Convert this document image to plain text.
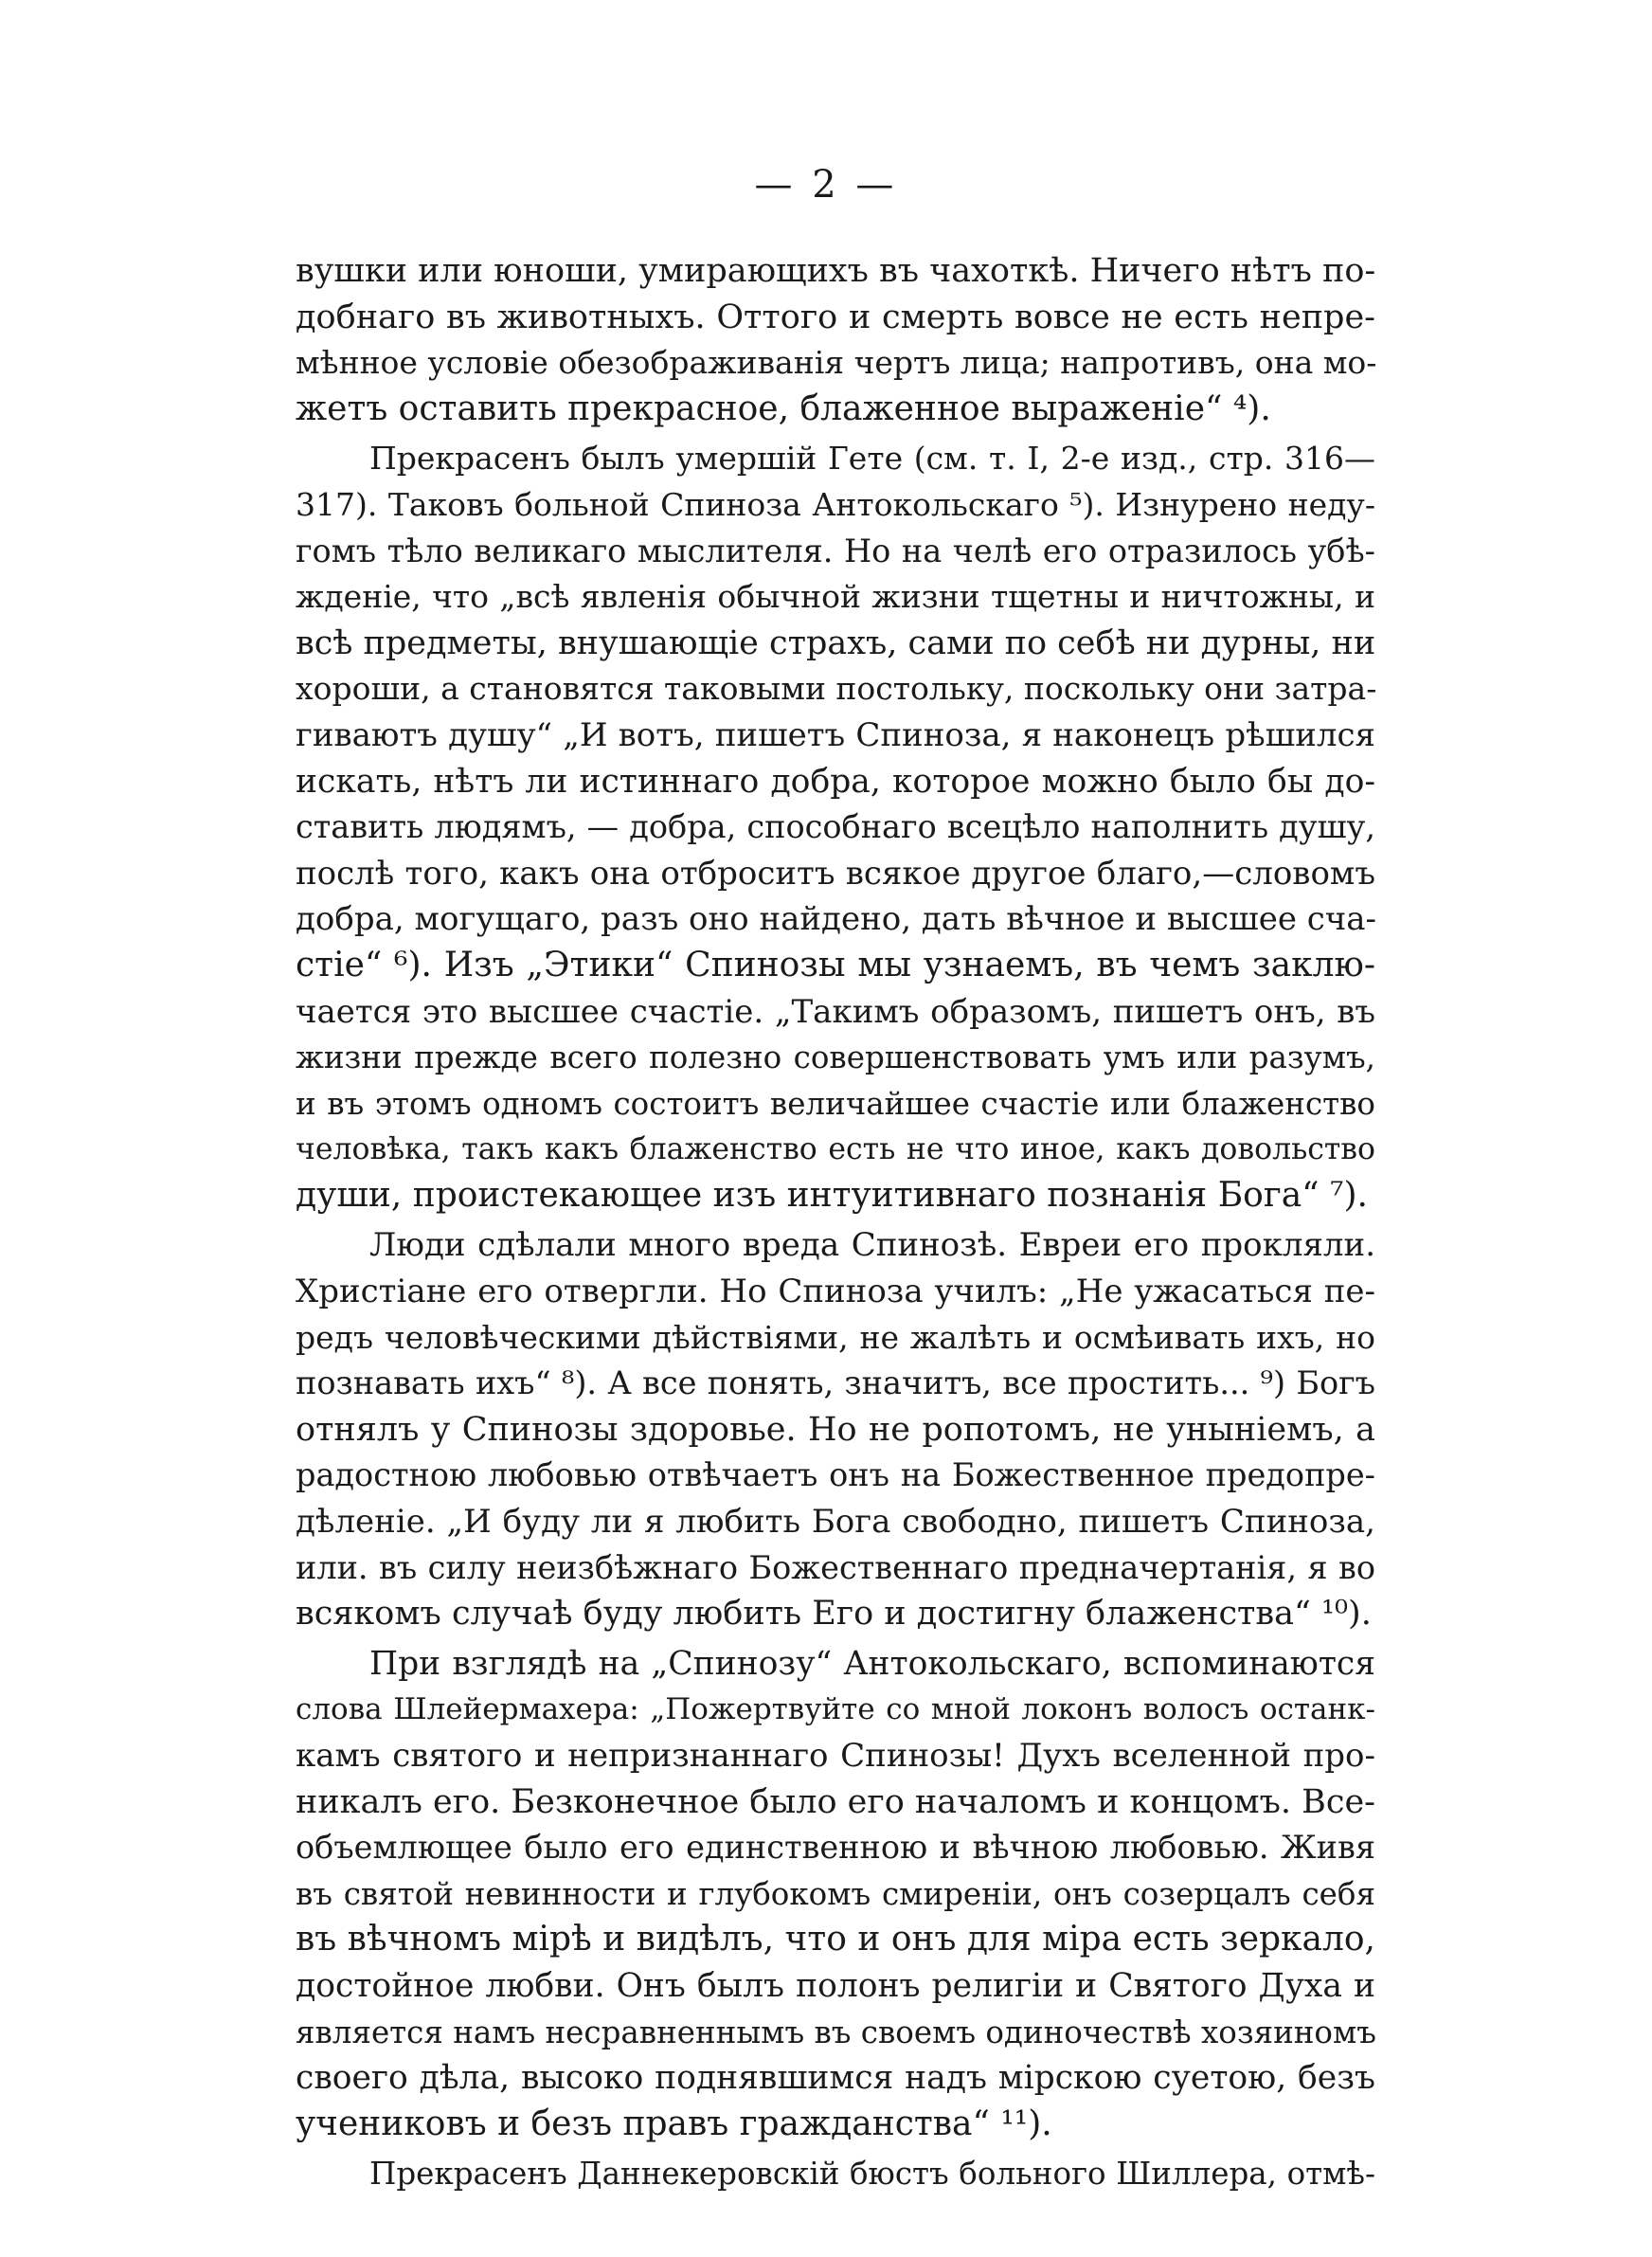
— 2 —
вушки или юноши, умирающихъ въ чахоткѣ. Ничего нѣтъ по-
добнаго въ животныхъ. Оттого и смерть вовсе не есть непре-
мѣнное условіе обезображиванія чертъ лица; напротивъ, она мо-
жетъ оставить прекрасное, блаженное выраженіе“ ⁴).
Прекрасенъ былъ умершій Гете (см. т. I, 2-е изд., стр. 316—
317). Таковъ больной Спиноза Антокольскаго ⁵). Изнурено неду-
гомъ тѣло великаго мыслителя. Но на челѣ его отразилось убѣ-
жденіе, что „всѣ явленія обычной жизни тщетны и ничтожны, и
всѣ предметы, внушающіе страхъ, сами по себѣ ни дурны, ни
хороши, а становятся таковыми постольку, поскольку они затра-
гиваютъ душу“ „И вотъ, пишетъ Спиноза, я наконецъ рѣшился
искать, нѣтъ ли истиннаго добра, которое можно было бы до-
ставить людямъ, — добра, способнаго всецѣло наполнить душу,
послѣ того, какъ она отброситъ всякое другое благо,—словомъ
добра, могущаго, разъ оно найдено, дать вѣчное и высшее сча-
стіе“ ⁶). Изъ „Этики“ Спинозы мы узнаемъ, въ чемъ заклю-
чается это высшее счастіе. „Такимъ образомъ, пишетъ онъ, въ
жизни прежде всего полезно совершенствовать умъ или разумъ,
и въ этомъ одномъ состоитъ величайшее счастіе или блаженство
человѣка, такъ какъ блаженство есть не что иное, какъ довольство
души, проистекающее изъ интуитивнаго познанія Бога“ ⁷).
Люди сдѣлали много вреда Спинозѣ. Евреи его прокляли.
Христіане его отвергли. Но Спиноза училъ: „Не ужасаться пе-
редъ человѣческими дѣйствіями, не жалѣть и осмѣивать ихъ, но
познавать ихъ“ ⁸). А все понять, значитъ, все простить... ⁹) Богъ
отнялъ у Спинозы здоровье. Но не ропотомъ, не уныніемъ, а
радостною любовью отвѣчаетъ онъ на Божественное предопре-
дѣленіе. „И буду ли я любить Бога свободно, пишетъ Спиноза,
или. въ силу неизбѣжнаго Божественнаго предначертанія, я во
всякомъ случаѣ буду любить Его и достигну блаженства“ ¹⁰).
При взглядѣ на „Спинозу“ Антокольскаго, вспоминаются
слова Шлейермахера: „Пожертвуйте со мной локонъ волосъ останк-
камъ святого и непризнаннаго Спинозы! Духъ вселенной про-
никалъ его. Безконечное было его началомъ и концомъ. Все-
объемлющее было его единственною и вѣчною любовью. Живя
въ святой невинности и глубокомъ смиреніи, онъ созерцалъ себя
въ вѣчномъ мірѣ и видѣлъ, что и онъ для міра есть зеркало,
достойное любви. Онъ былъ полонъ религіи и Святого Духа и
является намъ несравненнымъ въ своемъ одиночествѣ хозяиномъ
своего дѣла, высоко поднявшимся надъ мірскою суетою, безъ
учениковъ и безъ правъ гражданства“ ¹¹).
Прекрасенъ Даннекеровскій бюстъ больного Шиллера, отмѣ-
